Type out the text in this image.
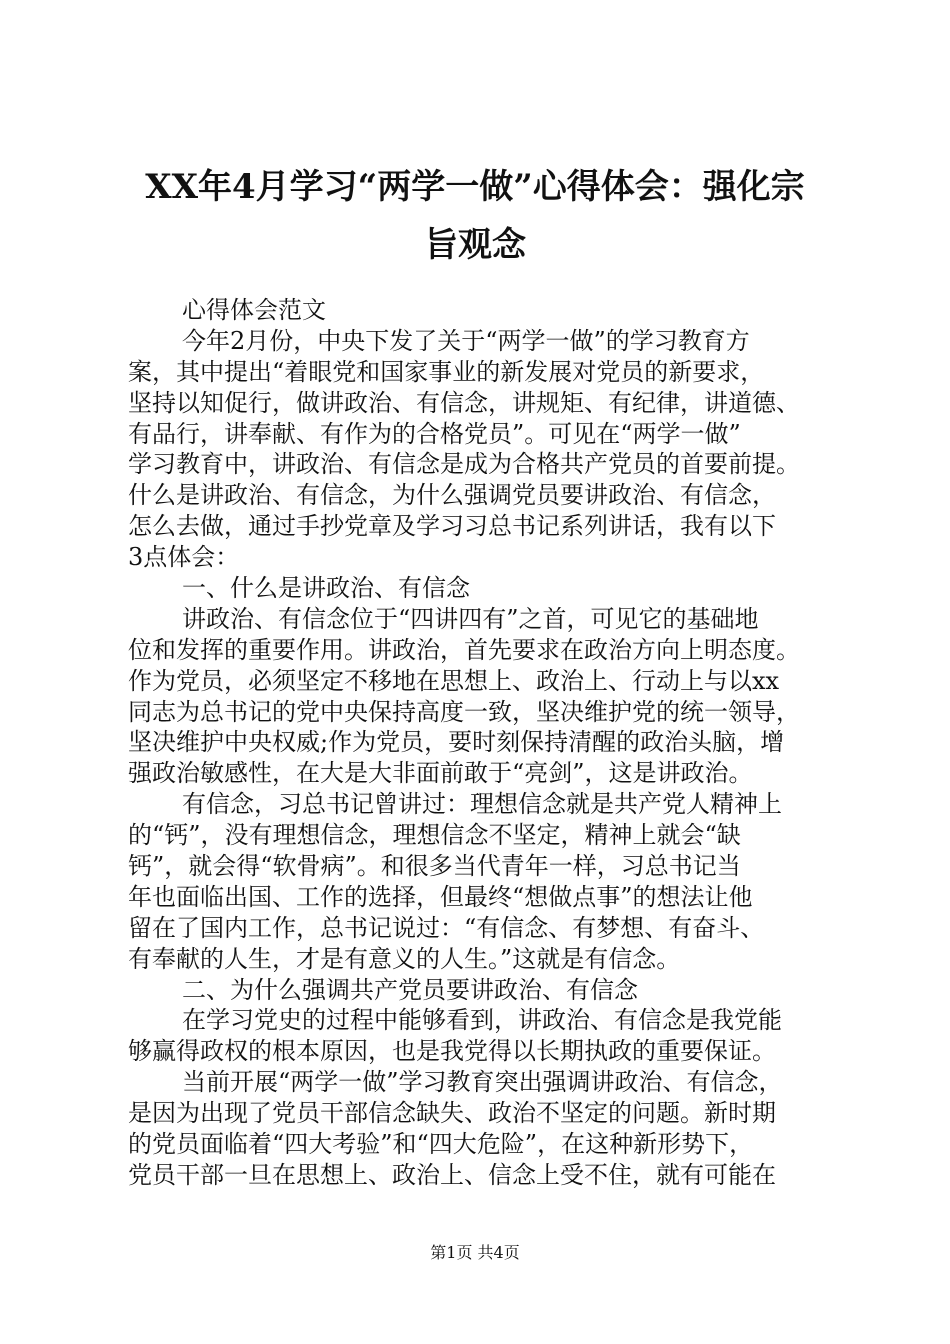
XX年4月学习“两学一做”心得体会：强化宗
旨观念
心得体会范文
今年2月份，中央下发了关于“两学一做”的学习教育方
案，其中提出“着眼党和国家事业的新发展对党员的新要求，
坚持以知促行，做讲政治、有信念，讲规矩、有纪律，讲道德、
有品行，讲奉献、有作为的合格党员”。可见在“两学一做”
学习教育中，讲政治、有信念是成为合格共产党员的首要前提。
什么是讲政治、有信念，为什么强调党员要讲政治、有信念，
怎么去做，通过手抄党章及学习习总书记系列讲话，我有以下
3点体会：
一、什么是讲政治、有信念
讲政治、有信念位于“四讲四有”之首，可见它的基础地
位和发挥的重要作用。讲政治，首先要求在政治方向上明态度。
作为党员，必须坚定不移地在思想上、政治上、行动上与以xx
同志为总书记的党中央保持高度一致，坚决维护党的统一领导，
坚决维护中央权威;作为党员，要时刻保持清醒的政治头脑，增
强政治敏感性，在大是大非面前敢于“亮剑”，这是讲政治。
有信念，习总书记曾讲过：理想信念就是共产党人精神上
的“钙”，没有理想信念，理想信念不坚定，精神上就会“缺
钙”，就会得“软骨病”。和很多当代青年一样，习总书记当
年也面临出国、工作的选择，但最终“想做点事”的想法让他
留在了国内工作，总书记说过：“有信念、有梦想、有奋斗、
有奉献的人生，才是有意义的人生。”这就是有信念。
二、为什么强调共产党员要讲政治、有信念
在学习党史的过程中能够看到，讲政治、有信念是我党能
够赢得政权的根本原因，也是我党得以长期执政的重要保证。
当前开展“两学一做”学习教育突出强调讲政治、有信念，
是因为出现了党员干部信念缺失、政治不坚定的问题。新时期
的党员面临着“四大考验”和“四大危险”，在这种新形势下，
党员干部一旦在思想上、政治上、信念上受不住，就有可能在
第1页 共4页
